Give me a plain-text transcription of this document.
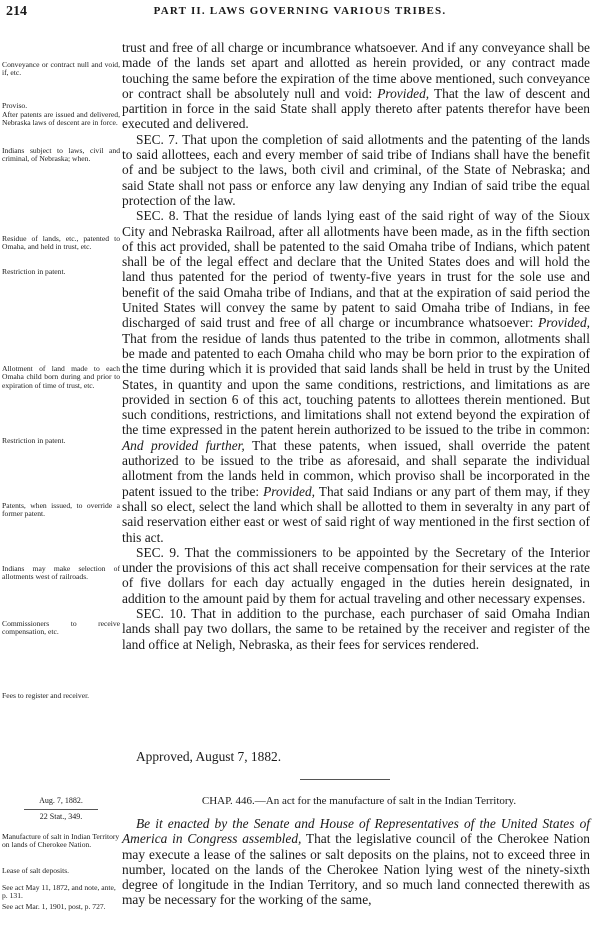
214	PART II. LAWS GOVERNING VARIOUS TRIBES.
Conveyance or contract null and void, if, etc.
Proviso.
After patents are issued and delivered, Nebraska laws of descent are in force.
Indians subject to laws, civil and criminal, of Nebraska; when.
Residue of lands, etc., patented to Omaha, and held in trust, etc.
Restriction in patent.
Allotment of land made to each Omaha child born during and prior to expiration of time of trust, etc.
Restriction in patent.
Patents, when issued, to override a former patent.
Indians may make selection of allotments west of railroads.
Commissioners to receive compensation, etc.
Fees to register and receiver.

trust and free of all charge or incumbrance whatsoever. And if any conveyance shall be made of the lands set apart and allotted as herein provided, or any contract made touching the same before the expiration of the time above mentioned, such conveyance or contract shall be absolutely null and void: Provided, That the law of descent and partition in force in the said State shall apply thereto after patents therefor have been executed and delivered.

SEC. 7. That upon the completion of said allotments and the patenting of the lands to said allottees, each and every member of said tribe of Indians shall have the benefit of and be subject to the laws, both civil and criminal, of the State of Nebraska; and said State shall not pass or enforce any law denying any Indian of said tribe the equal protection of the law.

SEC. 8. That the residue of lands lying east of the said right of way of the Sioux City and Nebraska Railroad, after all allotments have been made, as in the fifth section of this act provided, shall be patented to the said Omaha tribe of Indians, which patent shall be of the legal effect and declare that the United States does and will hold the land thus patented for the period of twenty-five years in trust for the sole use and benefit of the said Omaha tribe of Indians, and that at the expiration of said period the United States will convey the same by patent to said Omaha tribe of Indians, in fee discharged of said trust and free of all charge or incumbrance whatsoever: Provided, That from the residue of lands thus patented to the tribe in common, allotments shall be made and patented to each Omaha child who may be born prior to the expiration of the time during which it is provided that said lands shall be held in trust by the United States, in quantity and upon the same conditions, restrictions, and limitations as are provided in section 6 of this act, touching patents to allottees therein mentioned. But such conditions, restrictions, and limitations shall not extend beyond the expiration of the time expressed in the patent herein authorized to be issued to the tribe in common: And provided further, That these patents, when issued, shall override the patent authorized to be issued to the tribe as aforesaid, and shall separate the individual allotment from the lands held in common, which proviso shall be incorporated in the patent issued to the tribe: Provided, That said Indians or any part of them may, if they shall so elect, select the land which shall be allotted to them in severalty in any part of said reservation either east or west of said right of way mentioned in the first section of this act.

SEC. 9. That the commissioners to be appointed by the Secretary of the Interior under the provisions of this act shall receive compensation for their services at the rate of five dollars for each day actually engaged in the duties herein designated, in addition to the amount paid by them for actual traveling and other necessary expenses.

SEC. 10. That in addition to the purchase, each purchaser of said Omaha Indian lands shall pay two dollars, the same to be retained by the receiver and register of the land office at Neligh, Nebraska, as their fees for services rendered.

Approved, August 7, 1882.
Aug. 7, 1882.
22 Stat., 349.
CHAP. 446.—An act for the manufacture of salt in the Indian Territory.
Manufacture of salt in Indian Territory on lands of Cherokee Nation.
Lease of salt deposits.
See act May 11, 1872, and note, ante, p. 131.
See act Mar. 1, 1901, post, p. 727.

Be it enacted by the Senate and House of Representatives of the United States of America in Congress assembled, That the legislative council of the Cherokee Nation may execute a lease of the salines or salt deposits on the plains, not to exceed three in number, located on the lands of the Cherokee Nation lying west of the ninety-sixth degree of longitude in the Indian Territory, and so much land connected therewith as may be necessary for the working of the same,
